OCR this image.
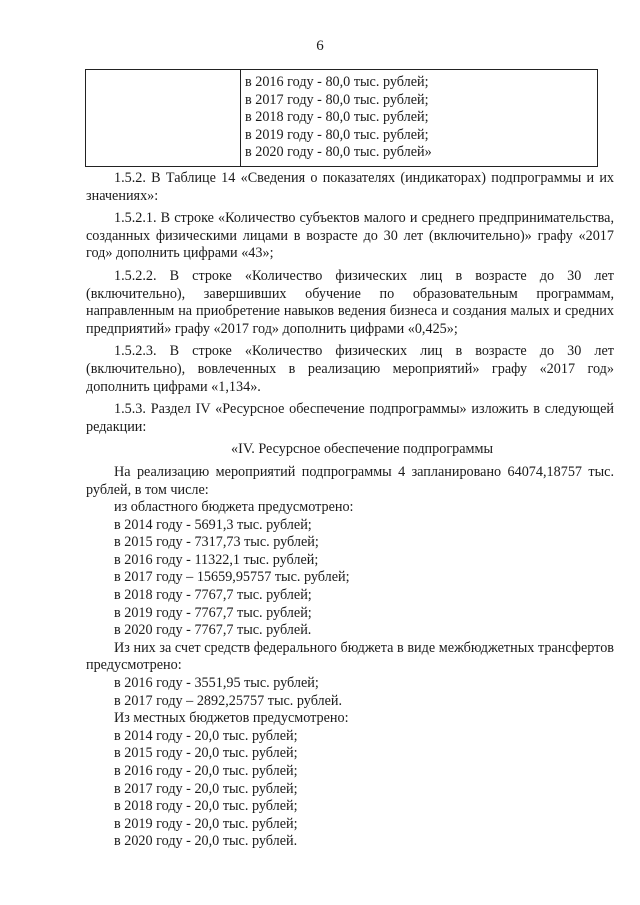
6

в 2016 году - 80,0 тыс. рублей;
в 2017 году - 80,0 тыс. рублей;
в 2018 году - 80,0 тыс. рублей;
в 2019 году - 80,0 тыс. рублей;
в 2020 году - 80,0 тыс. рублей»

1.5.2. В Таблице 14 «Сведения о показателях (индикаторах) подпрограммы и их значениях»:

1.5.2.1. В строке «Количество субъектов малого и среднего предпринимательства, созданных физическими лицами в возрасте до 30 лет (включительно)» графу «2017 год» дополнить цифрами «43»;

1.5.2.2. В строке «Количество физических лиц в возрасте до 30 лет (включительно), завершивших обучение по образовательным программам, направленным на приобретение навыков ведения бизнеса и создания малых и средних предприятий» графу «2017 год» дополнить цифрами «0,425»;

1.5.2.3. В строке «Количество физических лиц в возрасте до 30 лет (включительно), вовлеченных в реализацию мероприятий» графу «2017 год» дополнить цифрами «1,134».

1.5.3. Раздел IV «Ресурсное обеспечение подпрограммы» изложить в следующей редакции:

«IV. Ресурсное обеспечение подпрограммы

На реализацию мероприятий подпрограммы 4 запланировано 64074,18757 тыс. рублей, в том числе:

из областного бюджета предусмотрено:

в 2014 году - 5691,3 тыс. рублей;

в 2015 году - 7317,73 тыс. рублей;

в 2016 году - 11322,1 тыс. рублей;

в 2017 году – 15659,95757 тыс. рублей;

в 2018 году - 7767,7 тыс. рублей;

в 2019 году - 7767,7 тыс. рублей;

в 2020 году - 7767,7 тыс. рублей.

Из них за счет средств федерального бюджета в виде межбюджетных трансфертов предусмотрено:

в 2016 году - 3551,95 тыс. рублей;

в 2017 году – 2892,25757 тыс. рублей.

Из местных бюджетов предусмотрено:

в 2014 году - 20,0 тыс. рублей;

в 2015 году - 20,0 тыс. рублей;

в 2016 году - 20,0 тыс. рублей;

в 2017 году - 20,0 тыс. рублей;

в 2018 году - 20,0 тыс. рублей;

в 2019 году - 20,0 тыс. рублей;

в 2020 году - 20,0 тыс. рублей.
